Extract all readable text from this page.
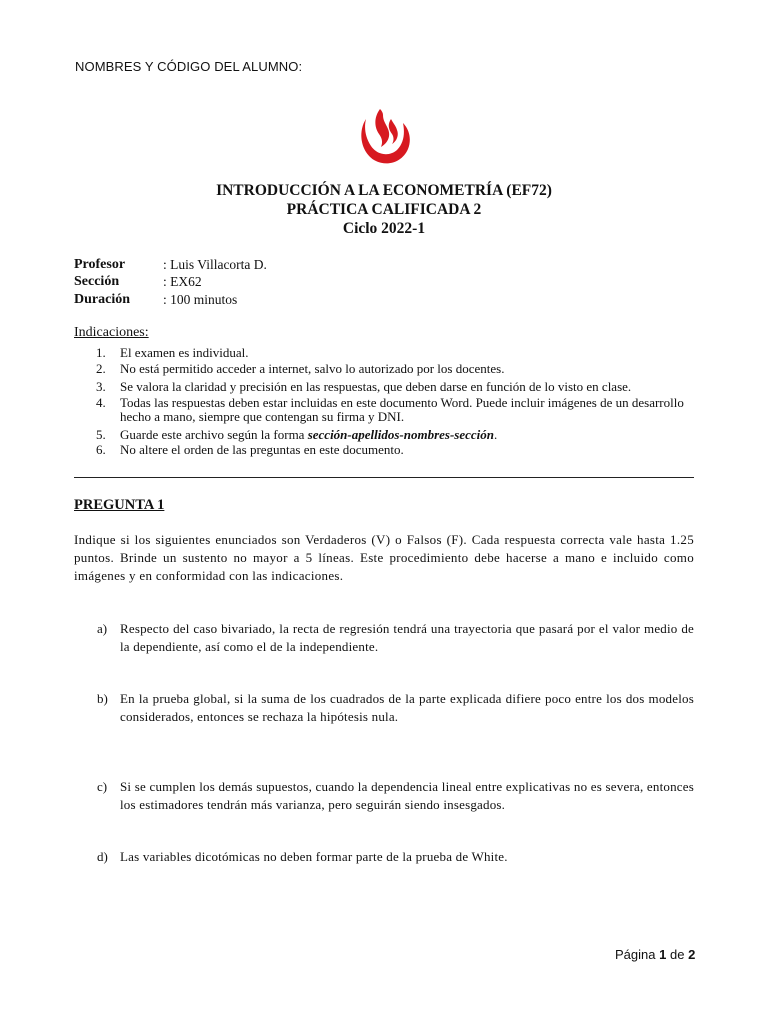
NOMBRES Y CÓDIGO DEL ALUMNO:
INTRODUCCIÓN A LA ECONOMETRÍA (EF72)
PRÁCTICA CALIFICADA 2
Ciclo 2022-1
Profesor	: Luis Villacorta D.
Sección	: EX62
Duración : 100 minutos
Indicaciones:
1. El examen es individual.
2. No está permitido acceder a internet, salvo lo autorizado por los docentes.
3. Se valora la claridad y precisión en las respuestas, que deben darse en función de lo visto en clase.
4. Todas las respuestas deben estar incluidas en este documento Word. Puede incluir imágenes de un desarrollo hecho a mano, siempre que contengan su firma y DNI.
5. Guarde este archivo según la forma sección-apellidos-nombres-sección.
6. No altere el orden de las preguntas en este documento.
PREGUNTA 1
Indique si los siguientes enunciados son Verdaderos (V) o Falsos (F). Cada respuesta correcta vale hasta 1.25 puntos. Brinde un sustento no mayor a 5 líneas. Este procedimiento debe hacerse a mano e incluido como imágenes y en conformidad con las indicaciones.
a) Respecto del caso bivariado, la recta de regresión tendrá una trayectoria que pasará por el valor medio de la dependiente, así como el de la independiente.
b) En la prueba global, si la suma de los cuadrados de la parte explicada difiere poco entre los dos modelos considerados, entonces se rechaza la hipótesis nula.
c) Si se cumplen los demás supuestos, cuando la dependencia lineal entre explicativas no es severa, entonces los estimadores tendrán más varianza, pero seguirán siendo insesgados.
d) Las variables dicotómicas no deben formar parte de la prueba de White.
Página 1 de 2
